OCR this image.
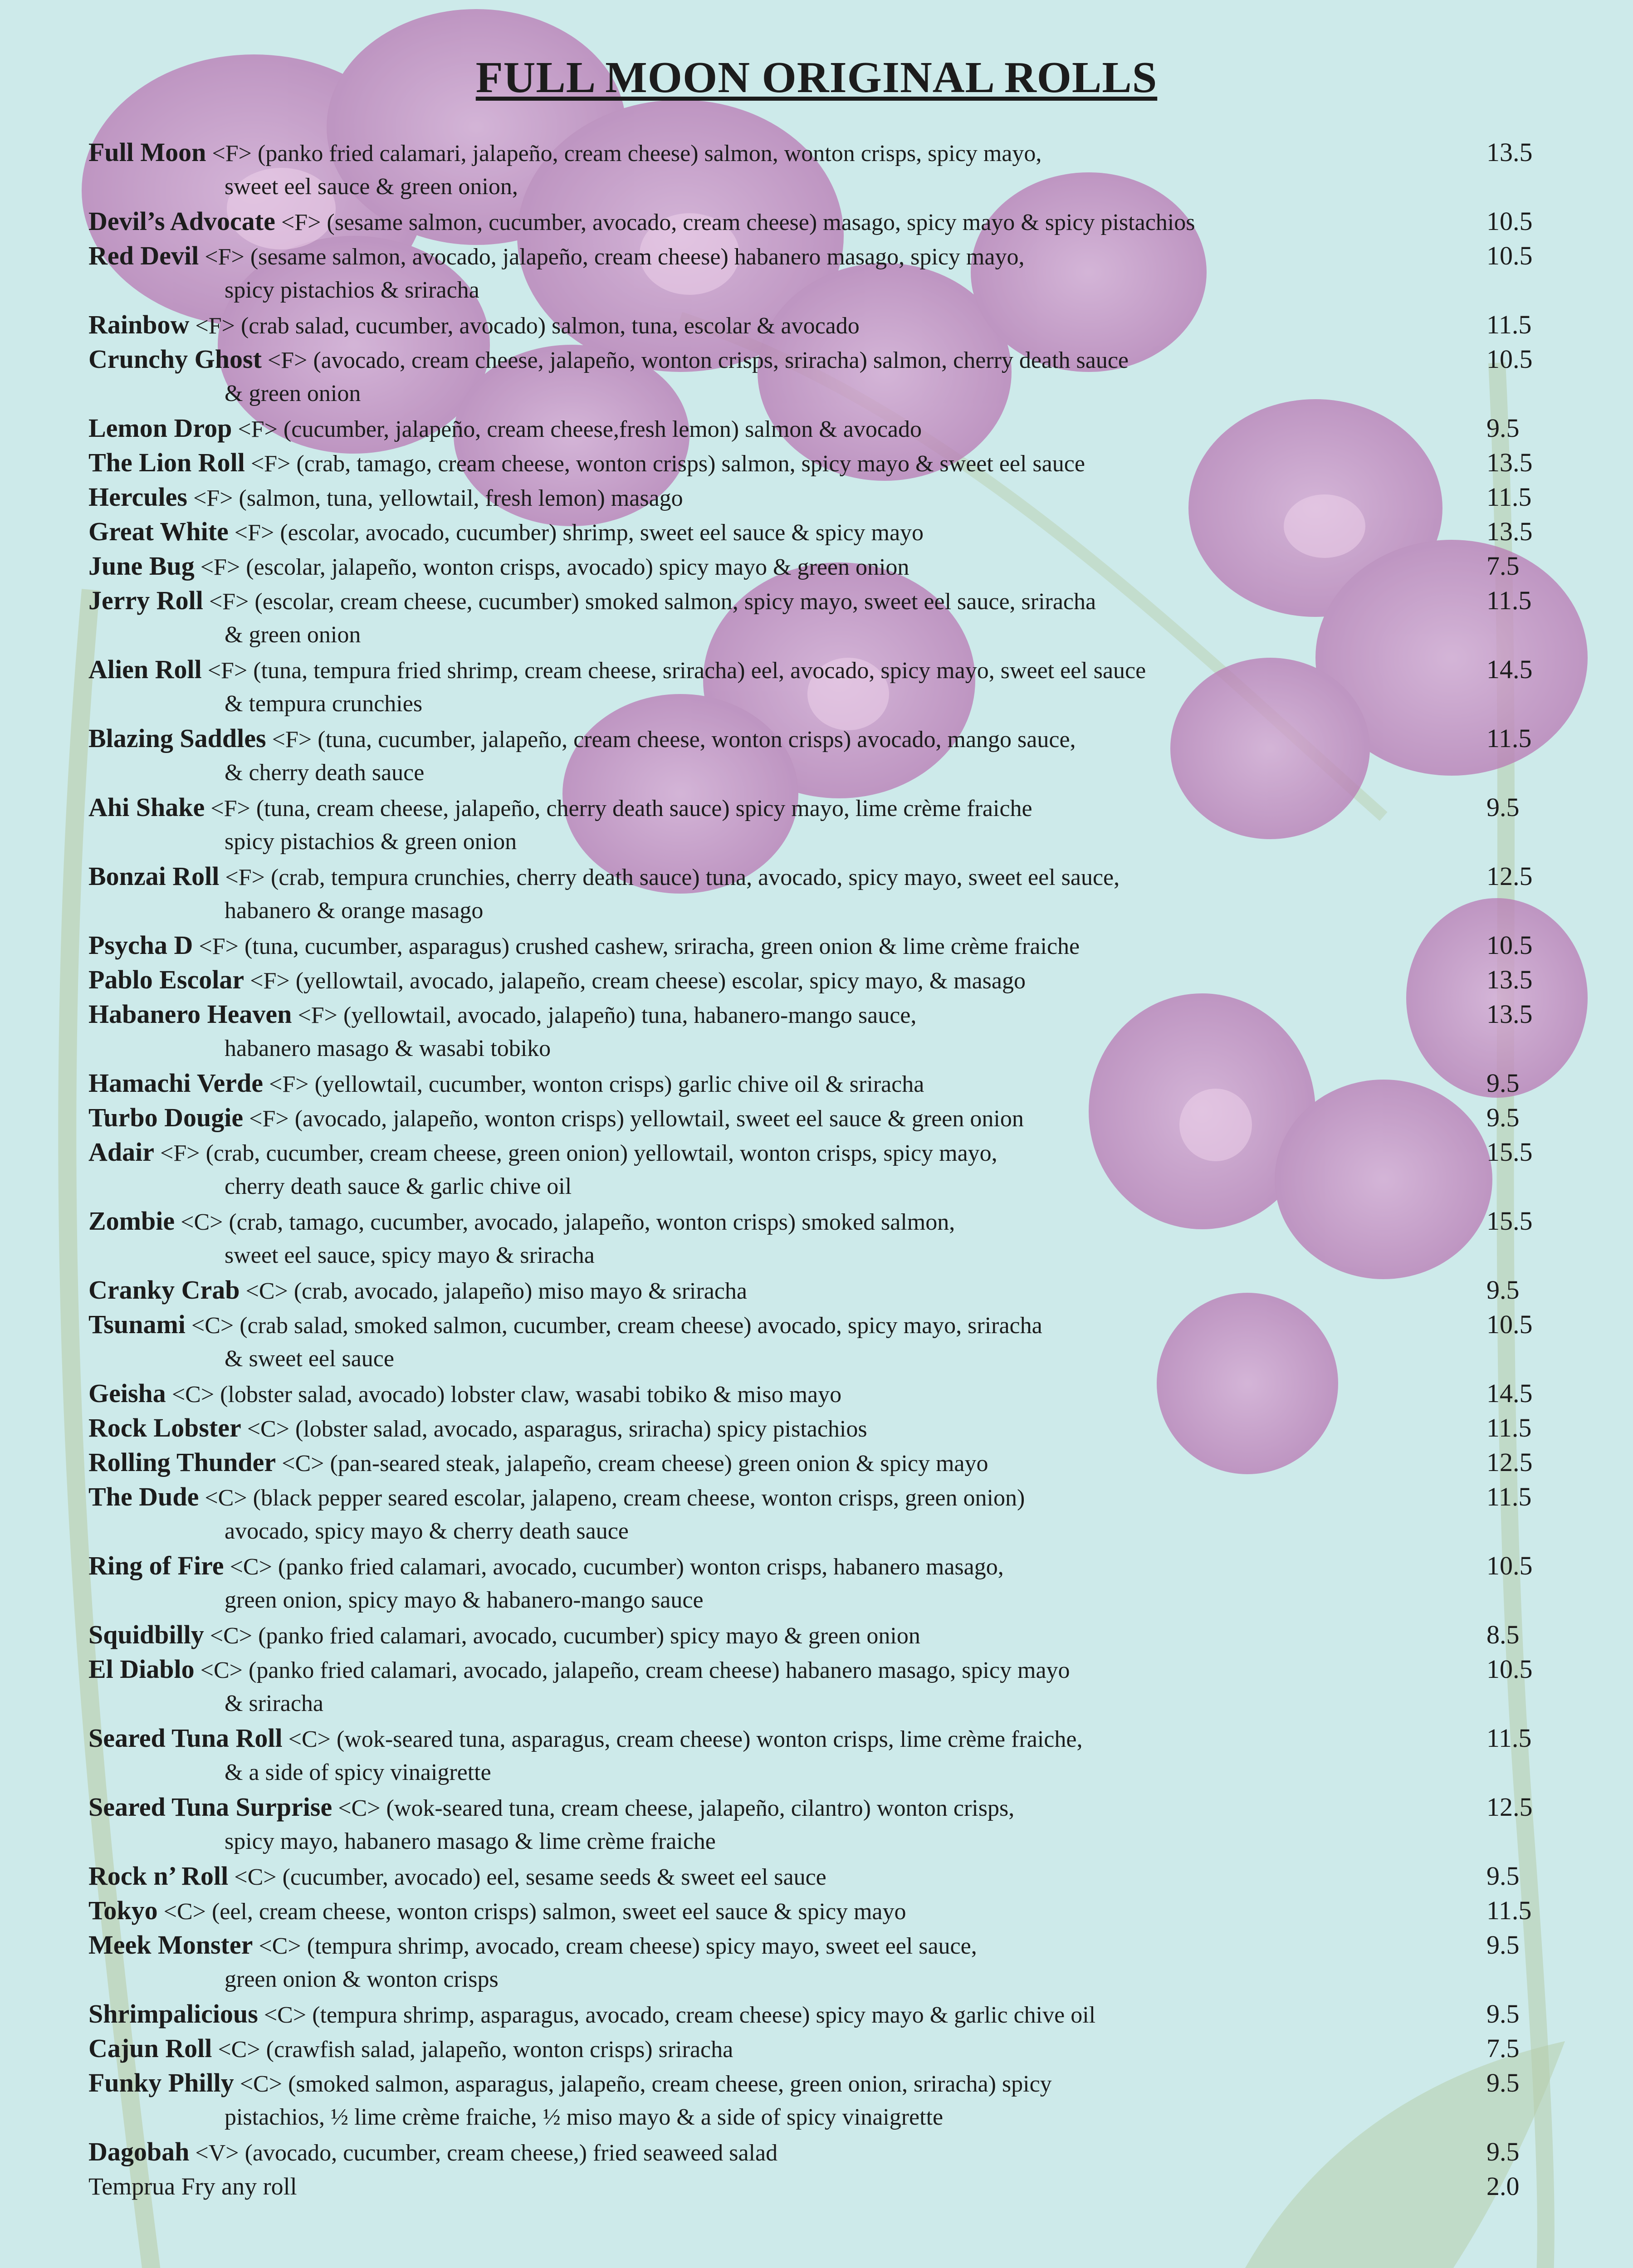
FULL MOON ORIGINAL ROLLS
Full Moon <F> (panko fried calamari, jalapeño, cream cheese) salmon, wonton crisps, spicy mayo,
sweet eel sauce & green onion,
13.5
Devil’s Advocate <F> (sesame salmon, cucumber, avocado, cream cheese) masago, spicy mayo & spicy pistachios	10.5
Red Devil <F> (sesame salmon, avocado, jalapeño, cream cheese) habanero masago, spicy mayo,
spicy pistachios & sriracha
10.5
Rainbow <F> (crab salad, cucumber, avocado) salmon, tuna, escolar & avocado	11.5
Crunchy Ghost <F> (avocado, cream cheese, jalapeño, wonton crisps, sriracha) salmon, cherry death sauce
& green onion
10.5
Lemon Drop <F> (cucumber, jalapeño, cream cheese,fresh lemon) salmon & avocado	9.5
The Lion Roll <F> (crab, tamago, cream cheese, wonton crisps) salmon, spicy mayo & sweet eel sauce	13.5
Hercules <F> (salmon, tuna, yellowtail, fresh lemon) masago	11.5
Great White <F> (escolar, avocado, cucumber) shrimp, sweet eel sauce & spicy mayo	13.5
June Bug <F> (escolar, jalapeño, wonton crisps, avocado) spicy mayo & green onion	7.5
Jerry Roll <F> (escolar, cream cheese, cucumber) smoked salmon, spicy mayo, sweet eel sauce, sriracha
& green onion
11.5
Alien Roll <F> (tuna, tempura fried shrimp, cream cheese, sriracha) eel, avocado, spicy mayo, sweet eel sauce
& tempura crunchies
14.5
Blazing Saddles <F> (tuna, cucumber, jalapeño, cream cheese, wonton crisps) avocado, mango sauce,
& cherry death sauce
11.5
Ahi Shake <F> (tuna, cream cheese, jalapeño, cherry death sauce) spicy mayo, lime crème fraiche
spicy pistachios & green onion
9.5
Bonzai Roll <F> (crab, tempura crunchies, cherry death sauce) tuna, avocado, spicy mayo, sweet eel sauce,
habanero & orange masago
12.5
Psycha D <F> (tuna, cucumber, asparagus) crushed cashew, sriracha, green onion & lime crème fraiche	10.5
Pablo Escolar <F> (yellowtail, avocado, jalapeño, cream cheese) escolar, spicy mayo, & masago	13.5
Habanero Heaven <F> (yellowtail, avocado, jalapeño) tuna, habanero-mango sauce,
habanero masago & wasabi tobiko
13.5
Hamachi Verde <F> (yellowtail, cucumber, wonton crisps) garlic chive oil & sriracha	9.5
Turbo Dougie <F> (avocado, jalapeño, wonton crisps) yellowtail, sweet eel sauce & green onion	9.5
Adair <F> (crab, cucumber, cream cheese, green onion) yellowtail, wonton crisps, spicy mayo,
cherry death sauce & garlic chive oil
15.5
Zombie <C> (crab, tamago, cucumber, avocado, jalapeño, wonton crisps) smoked salmon,
sweet eel sauce, spicy mayo & sriracha
15.5
Cranky Crab <C> (crab, avocado, jalapeño) miso mayo & sriracha	9.5
Tsunami <C> (crab salad, smoked salmon, cucumber, cream cheese) avocado, spicy mayo, sriracha
& sweet eel sauce
10.5
Geisha <C> (lobster salad, avocado) lobster claw, wasabi tobiko & miso mayo	14.5
Rock Lobster <C> (lobster salad, avocado, asparagus, sriracha) spicy pistachios	11.5
Rolling Thunder <C> (pan-seared steak, jalapeño, cream cheese) green onion & spicy mayo	12.5
The Dude <C> (black pepper seared escolar, jalapeno, cream cheese, wonton crisps, green onion)
avocado, spicy mayo & cherry death sauce
11.5
Ring of Fire <C> (panko fried calamari, avocado, cucumber) wonton crisps, habanero masago,
green onion, spicy mayo & habanero-mango sauce
10.5
Squidbilly <C> (panko fried calamari, avocado, cucumber) spicy mayo & green onion	8.5
El Diablo <C> (panko fried calamari, avocado, jalapeño, cream cheese) habanero masago, spicy mayo
& sriracha
10.5
Seared Tuna Roll <C> (wok-seared tuna, asparagus, cream cheese) wonton crisps, lime crème fraiche,
& a side of spicy vinaigrette
11.5
Seared Tuna Surprise <C> (wok-seared tuna, cream cheese, jalapeño, cilantro) wonton crisps,
spicy mayo, habanero masago & lime crème fraiche
12.5
Rock n’ Roll <C> (cucumber, avocado) eel, sesame seeds & sweet eel sauce	9.5
Tokyo <C> (eel, cream cheese, wonton crisps) salmon, sweet eel sauce & spicy mayo	11.5
Meek Monster <C> (tempura shrimp, avocado, cream cheese) spicy mayo, sweet eel sauce,
green onion & wonton crisps
9.5
Shrimpalicious <C> (tempura shrimp, asparagus, avocado, cream cheese) spicy mayo & garlic chive oil	9.5
Cajun Roll <C> (crawfish salad, jalapeño, wonton crisps) sriracha	7.5
Funky Philly <C> (smoked salmon, asparagus, jalapeño, cream cheese, green onion, sriracha) spicy
pistachios, ½ lime crème fraiche, ½ miso mayo & a side of spicy vinaigrette
9.5
Dagobah <V> (avocado, cucumber, cream cheese,) fried seaweed salad	9.5
Temprua Fry any roll	2.0
